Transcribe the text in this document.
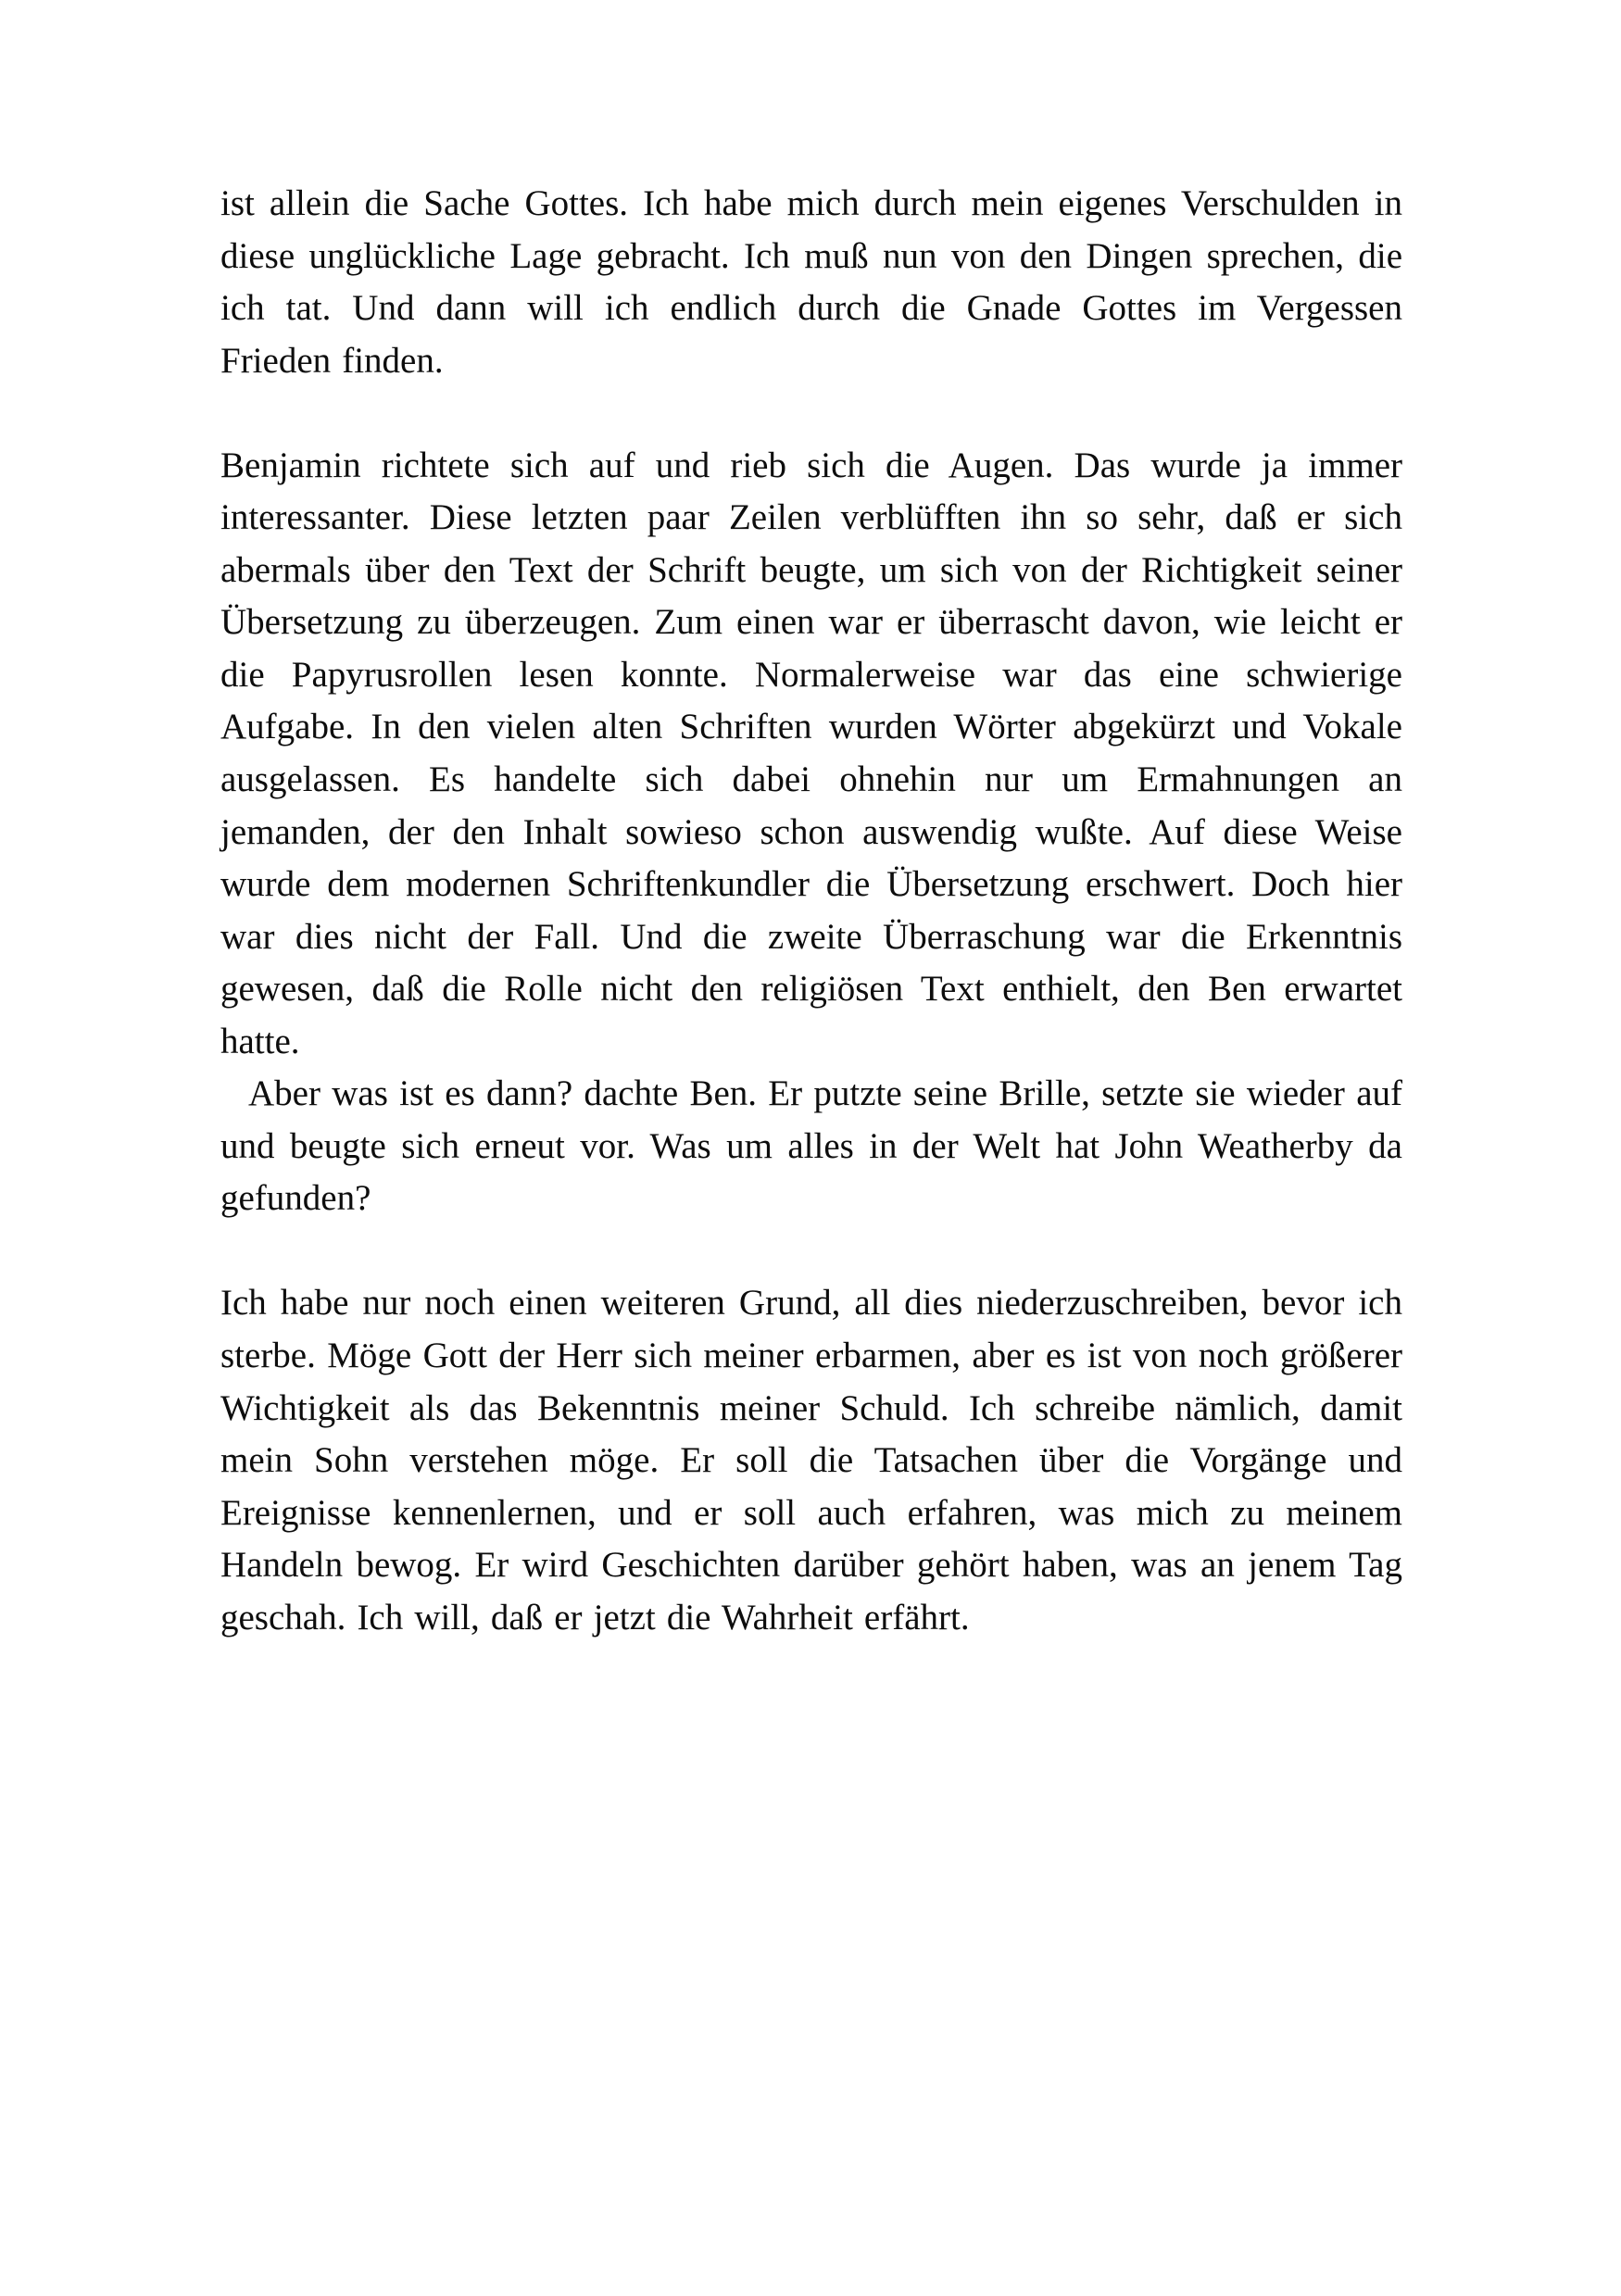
ist allein die Sache Gottes. Ich habe mich durch mein eigenes Verschulden in diese unglückliche Lage gebracht. Ich muß nun von den Dingen sprechen, die ich tat. Und dann will ich endlich durch die Gnade Gottes im Vergessen Frieden finden.

Benjamin richtete sich auf und rieb sich die Augen. Das wurde ja immer interessanter. Diese letzten paar Zeilen verblüfften ihn so sehr, daß er sich abermals über den Text der Schrift beugte, um sich von der Richtigkeit seiner Übersetzung zu überzeugen. Zum einen war er überrascht davon, wie leicht er die Papyrusrollen lesen konnte. Normalerweise war das eine schwierige Aufgabe. In den vielen alten Schriften wurden Wörter abgekürzt und Vokale ausgelassen. Es handelte sich dabei ohnehin nur um Ermahnungen an jemanden, der den Inhalt sowieso schon auswendig wußte. Auf diese Weise wurde dem modernen Schriftenkundler die Übersetzung erschwert. Doch hier war dies nicht der Fall. Und die zweite Überraschung war die Erkenntnis gewesen, daß die Rolle nicht den religiösen Text enthielt, den Ben erwartet hatte.

Aber was ist es dann? dachte Ben. Er putzte seine Brille, setzte sie wieder auf und beugte sich erneut vor. Was um alles in der Welt hat John Weatherby da gefunden?

Ich habe nur noch einen weiteren Grund, all dies niederzuschreiben, bevor ich sterbe. Möge Gott der Herr sich meiner erbarmen, aber es ist von noch größerer Wichtigkeit als das Bekenntnis meiner Schuld. Ich schreibe nämlich, damit mein Sohn verstehen möge. Er soll die Tatsachen über die Vorgänge und Ereignisse kennenlernen, und er soll auch erfahren, was mich zu meinem Handeln bewog. Er wird Geschichten darüber gehört haben, was an jenem Tag geschah. Ich will, daß er jetzt die Wahrheit erfährt.
